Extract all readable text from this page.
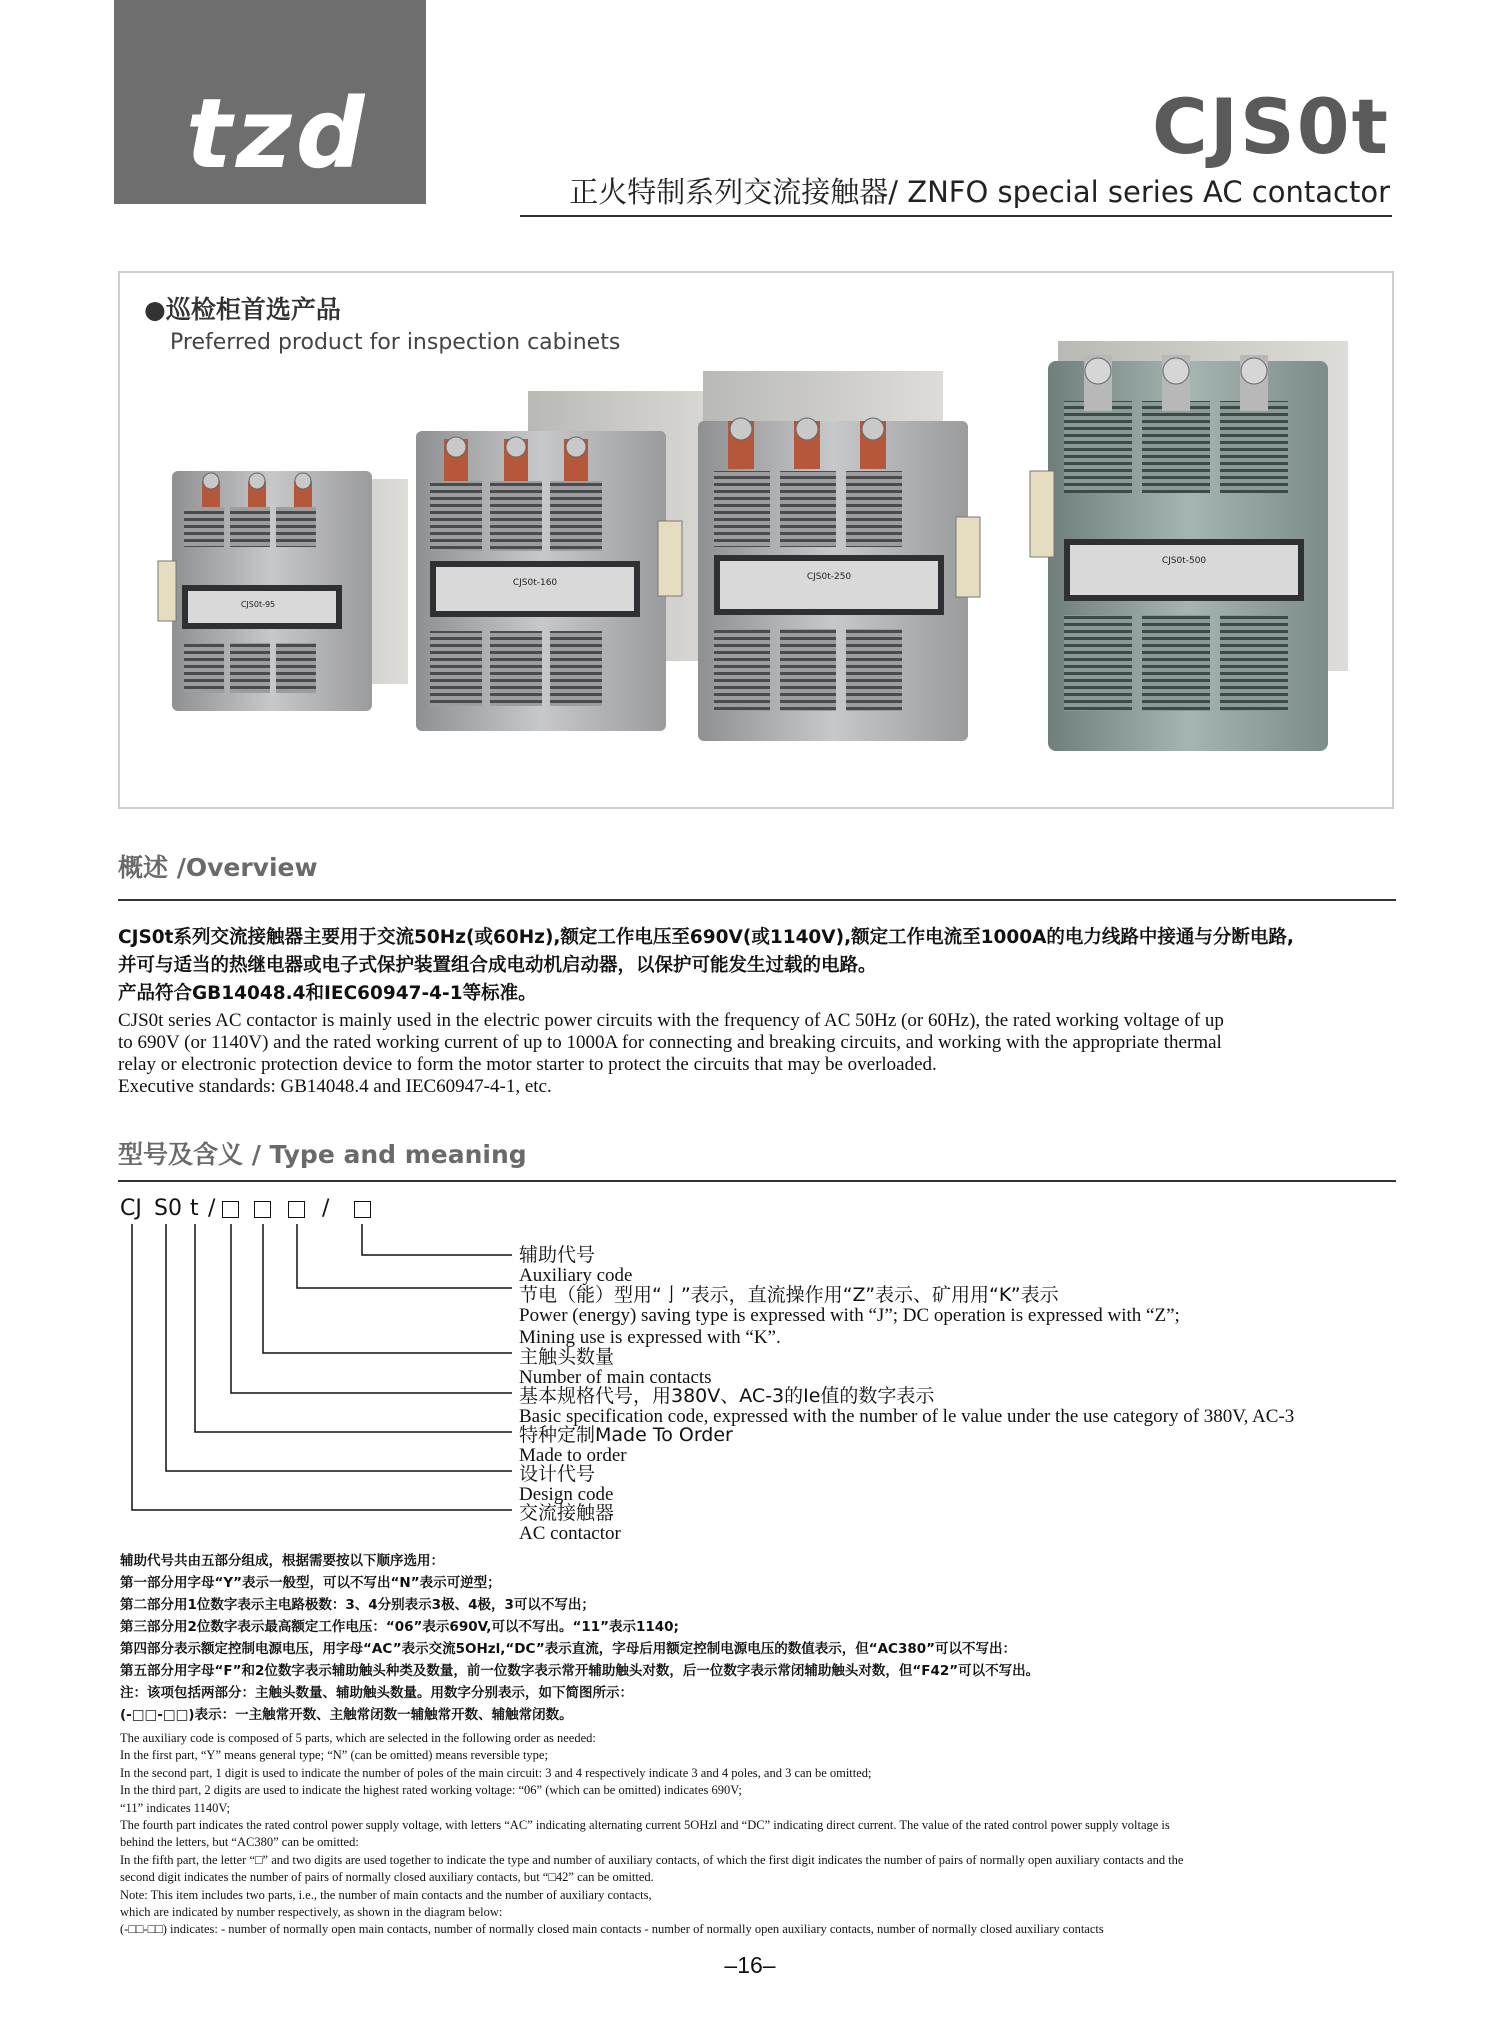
tzd	CJS0t
正火特制系列交流接触器/ ZNFO special series AC contactor
●巡检柜首选产品
Preferred product for inspection cabinets
CJS0t-95
CJS0t-160
CJS0t-250
CJS0t-500
概述 /Overview
CJS0t系列交流接触器主要用于交流50Hz(或60Hz),额定工作电压至690V(或1140V),额定工作电流至1000A的电力线路中接通与分断电路,
并可与适当的热继电器或电子式保护装置组合成电动机启动器，以保护可能发生过载的电路。
产品符合GB14048.4和IEC60947-4-1等标准。
CJS0t series AC contactor is mainly used in the electric power circuits with the frequency of AC 50Hz (or 60Hz), the rated working voltage of up
to 690V (or 1140V) and the rated working current of up to 1000A for connecting and breaking circuits, and working with the appropriate thermal
relay or electronic protection device to form the motor starter to protect the circuits that may be overloaded.
Executive standards: GB14048.4 and IEC60947-4-1, etc.
型号及含义 / Type and meaning
CJ S0 t /	/
辅助代号
Auxiliary code
节电（能）型用“亅”表示，直流操作用“Z”表示、矿用用“K”表示
Power (energy) saving type is expressed with “J”; DC operation is expressed with “Z”;
Mining use is expressed with “K”.
主触头数量
Number of main contacts
基本规格代号，用380V、AC-3的Ie值的数字表示
Basic specification code, expressed with the number of le value under the use category of 380V, AC-3
特种定制Made To Order
Made to order
设计代号
Design code
交流接触器
AC contactor
辅助代号共由五部分组成，根据需要按以下顺序选用：
第一部分用字母“Y”表示一般型，可以不写出“N”表示可逆型；
第二部分用1位数字表示主电路极数：3、4分别表示3极、4极，3可以不写出；
第三部分用2位数字表示最高额定工作电压：“06”表示690V,可以不写出。“11”表示1140;
第四部分表示额定控制电源电压，用字母“AC”表示交流5OHzl,“DC”表示直流，字母后用额定控制电源电压的数值表示，但“AC380”可以不写出：
第五部分用字母“F”和2位数字表示辅助触头种类及数量，前一位数字表示常开辅助触头对数，后一位数字表示常闭辅助触头对数，但“F42”可以不写出。
注：该项包括两部分：主触头数量、辅助触头数量。用数字分别表示，如下简图所示：
(-□□-□□)表示：一主触常开数、主触常闭数一辅触常开数、辅触常闭数。
The auxiliary code is composed of 5 parts, which are selected in the following order as needed:
In the first part, “Y” means general type; “N” (can be omitted) means reversible type;
In the second part, 1 digit is used to indicate the number of poles of the main circuit: 3 and 4 respectively indicate 3 and 4 poles, and 3 can be omitted;
In the third part, 2 digits are used to indicate the highest rated working voltage: “06” (which can be omitted) indicates 690V;
“11” indicates 1140V;
The fourth part indicates the rated control power supply voltage, with letters “AC” indicating alternating current 5OHzl and “DC” indicating direct current. The value of the rated control power supply voltage is
behind the letters, but “AC380” can be omitted:
In the fifth part, the letter “□” and two digits are used together to indicate the type and number of auxiliary contacts, of which the first digit indicates the number of pairs of normally open auxiliary contacts and the
second digit indicates the number of pairs of normally closed auxiliary contacts, but “□42” can be omitted.
Note: This item includes two parts, i.e., the number of main contacts and the number of auxiliary contacts,
which are indicated by number respectively, as shown in the diagram below:
(-□□-□□) indicates: - number of normally open main contacts, number of normally closed main contacts - number of normally open auxiliary contacts, number of normally closed auxiliary contacts
–16–
